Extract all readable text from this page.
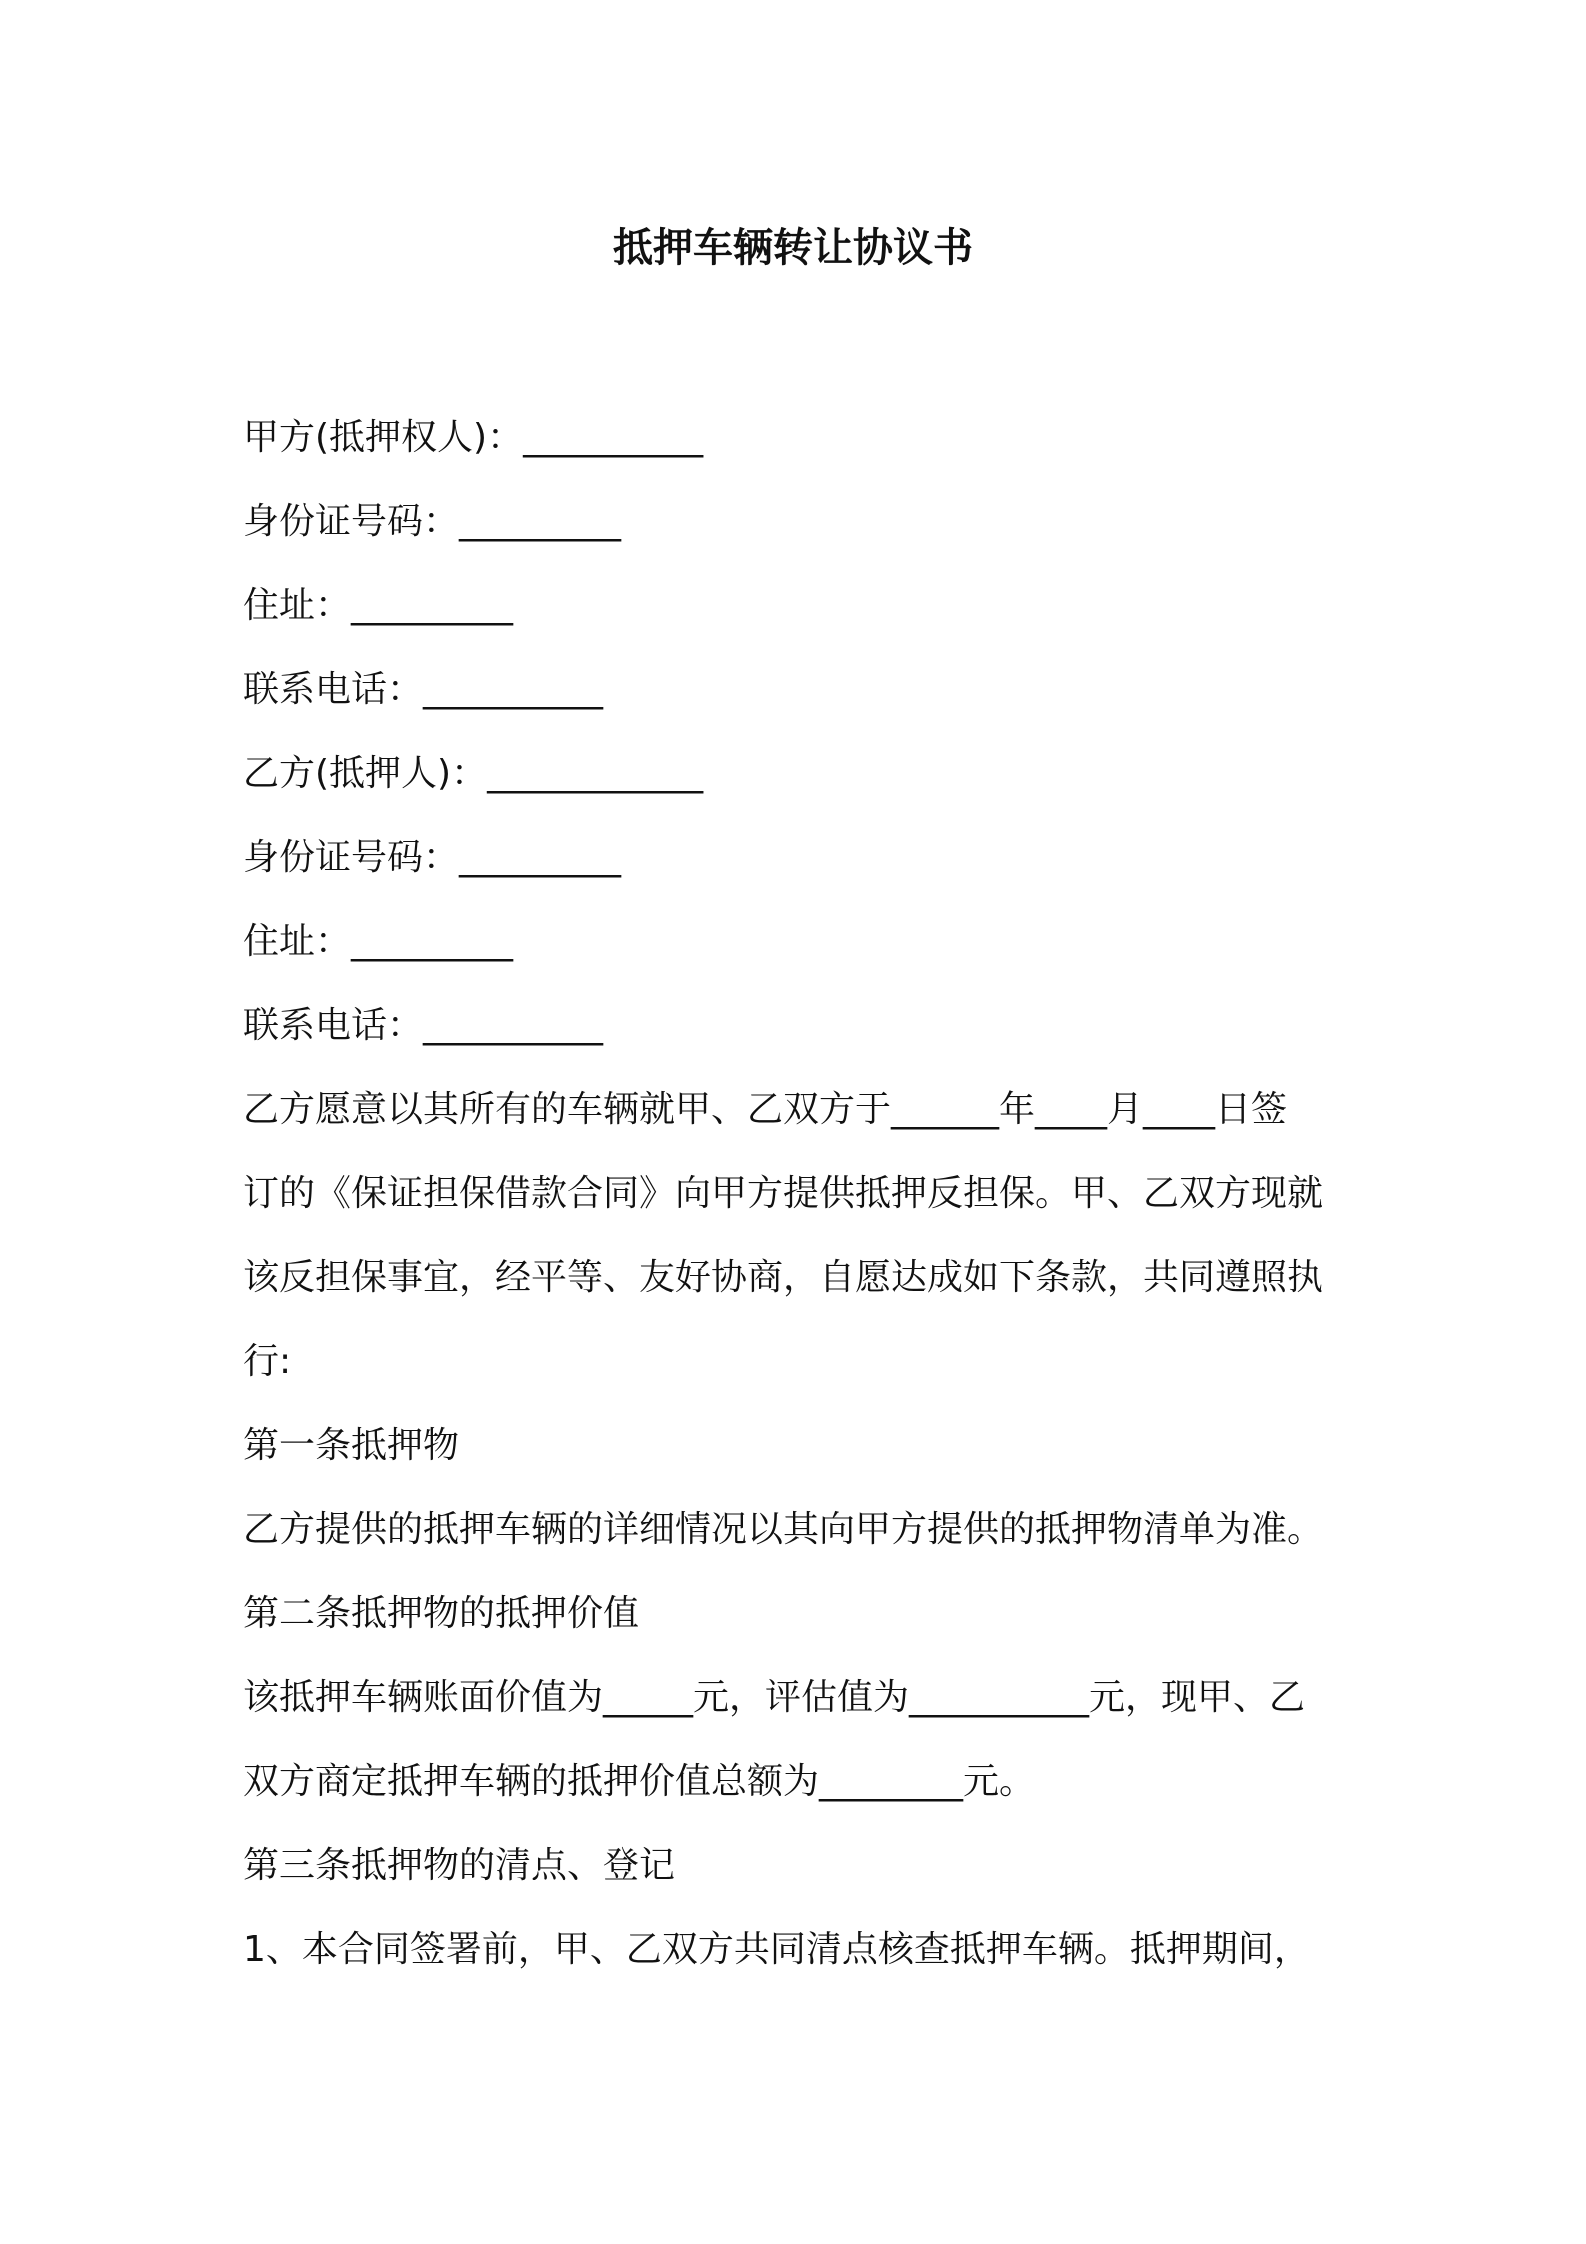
抵押车辆转让协议书
甲方(抵押权人)：__________
身份证号码：_________
住址：_________
联系电话：__________
乙方(抵押人)：____________
身份证号码：_________
住址：_________
联系电话：__________
乙方愿意以其所有的车辆就甲、乙双方于______年____月____日签
订的《保证担保借款合同》向甲方提供抵押反担保。甲、乙双方现就
该反担保事宜，经平等、友好协商，自愿达成如下条款，共同遵照执
行:
第一条抵押物
乙方提供的抵押车辆的详细情况以其向甲方提供的抵押物清单为准。
第二条抵押物的抵押价值
该抵押车辆账面价值为_____元，评估值为__________元，现甲、乙
双方商定抵押车辆的抵押价值总额为________元。
第三条抵押物的清点、登记
1、本合同签署前，甲、乙双方共同清点核查抵押车辆。抵押期间，
